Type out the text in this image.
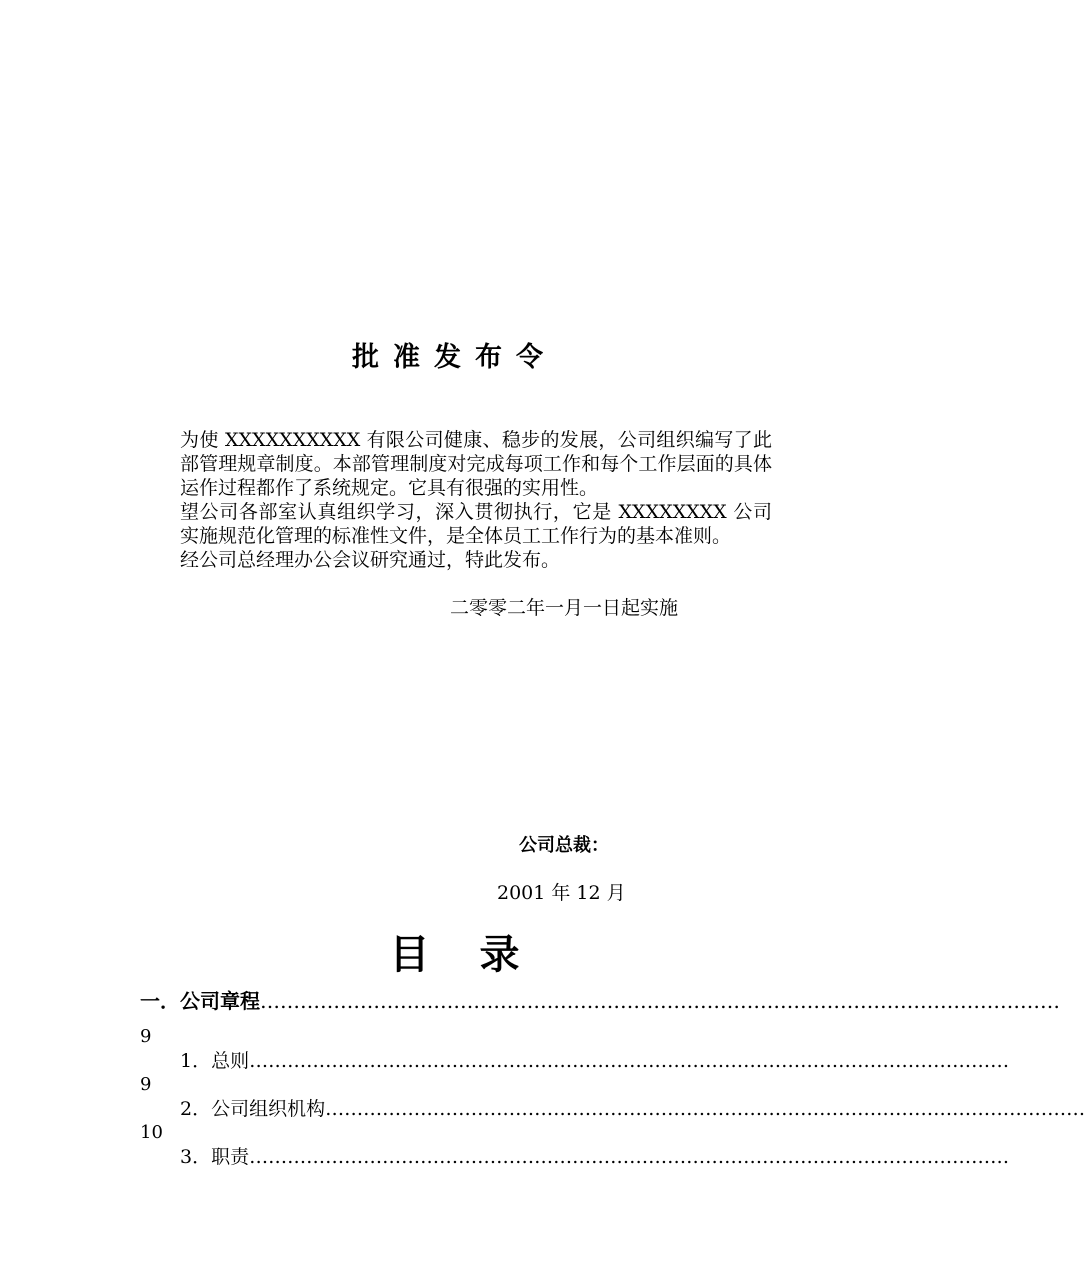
批准发布令
为使 XXXXXXXXXX 有限公司健康、稳步的发展，公司组织编写了此部管理规章制度。本部管理制度对完成每项工作和每个工作层面的具体运作过程都作了系统规定。它具有很强的实用性。
望公司各部室认真组织学习，深入贯彻执行，它是 XXXXXXXX 公司实施规范化管理的标准性文件，是全体员工工作行为的基本准则。
经公司总经理办公会议研究通过，特此发布。
二零零二年一月一日起实施
公司总裁：
2001 年 12 月
目 录
一．公司章程 …………………………………………………………………………………………………………
9
1．总则 …………………………………………………………………………………………………………
9
2．公司组织机构 …………………………………………………………………………………………………………
10
3．职责 …………………………………………………………………………………………………………
